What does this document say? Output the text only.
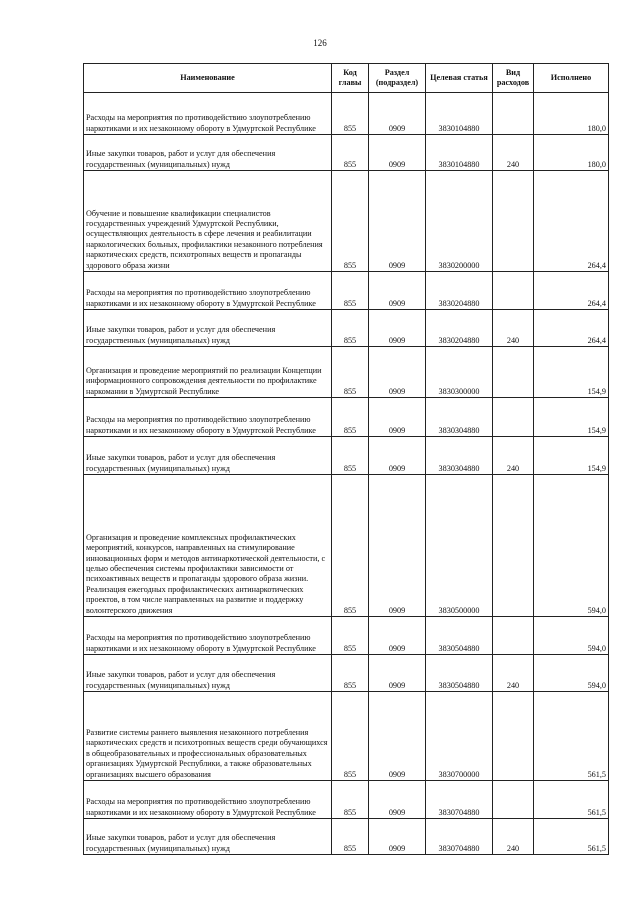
126
Наименование	Код главы	Раздел (подраздел)	Целевая статья	Вид расходов	Исполнено
Расходы на мероприятия по противодействию злоупотреблению наркотиками и их незаконному обороту в Удмуртской Республике	855	0909	3830104880		180,0
Иные закупки товаров, работ и услуг для обеспечения государственных (муниципальных) нужд	855	0909	3830104880	240	180,0
Обучение и повышение квалификации специалистов государственных учреждений Удмуртской Республики, осуществляющих деятельность в сфере лечения и реабилитации наркологических больных, профилактики незаконного потребления наркотических средств, психотропных веществ и пропаганды здорового образа жизни	855	0909	3830200000		264,4
Расходы на мероприятия по противодействию злоупотреблению наркотиками и их незаконному обороту в Удмуртской Республике	855	0909	3830204880		264,4
Иные закупки товаров, работ и услуг для обеспечения государственных (муниципальных) нужд	855	0909	3830204880	240	264,4
Организация и проведение мероприятий по реализации Концепции информационного сопровождения деятельности по профилактике наркомании в Удмуртской Республике	855	0909	3830300000		154,9
Расходы на мероприятия по противодействию злоупотреблению наркотиками и их незаконному обороту в Удмуртской Республике	855	0909	3830304880		154,9
Иные закупки товаров, работ и услуг для обеспечения государственных (муниципальных) нужд	855	0909	3830304880	240	154,9
Организация и проведение комплексных профилактических мероприятий, конкурсов, направленных на стимулирование инновационных форм и методов антинаркотической деятельности, с целью обеспечения системы профилактики зависимости от психоактивных веществ и пропаганды здорового образа жизни. Реализация ежегодных профилактических антинаркотических проектов, в том числе направленных на развитие и поддержку волонтерского движения	855	0909	3830500000		594,0
Расходы на мероприятия по противодействию злоупотреблению наркотиками и их незаконному обороту в Удмуртской Республике	855	0909	3830504880		594,0
Иные закупки товаров, работ и услуг для обеспечения государственных (муниципальных) нужд	855	0909	3830504880	240	594,0
Развитие системы раннего выявления незаконного потребления наркотических средств и психотропных веществ среди обучающихся в общеобразовательных и профессиональных образовательных организациях Удмуртской Республики, а также образовательных организациях высшего образования	855	0909	3830700000		561,5
Расходы на мероприятия по противодействию злоупотреблению наркотиками и их незаконному обороту в Удмуртской Республике	855	0909	3830704880		561,5
Иные закупки товаров, работ и услуг для обеспечения государственных (муниципальных) нужд	855	0909	3830704880	240	561,5
